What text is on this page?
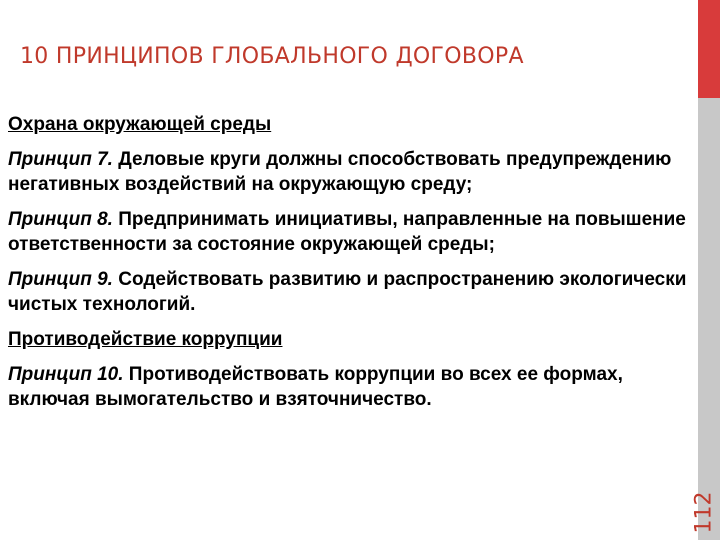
112
10 ПРИНЦИПОВ ГЛОБАЛЬНОГО ДОГОВОРА
Охрана окружающей среды
Принцип 7. Деловые круги должны способствовать предупреждению негативных воздействий на окружающую среду;
Принцип 8. Предпринимать инициативы, направленные на повышение ответственности за состояние окружающей среды;
Принцип 9. Содействовать развитию и распространению экологически чистых технологий.
Противодействие коррупции
Принцип 10. Противодействовать коррупции во всех ее формах, включая вымогательство и взяточничество.
